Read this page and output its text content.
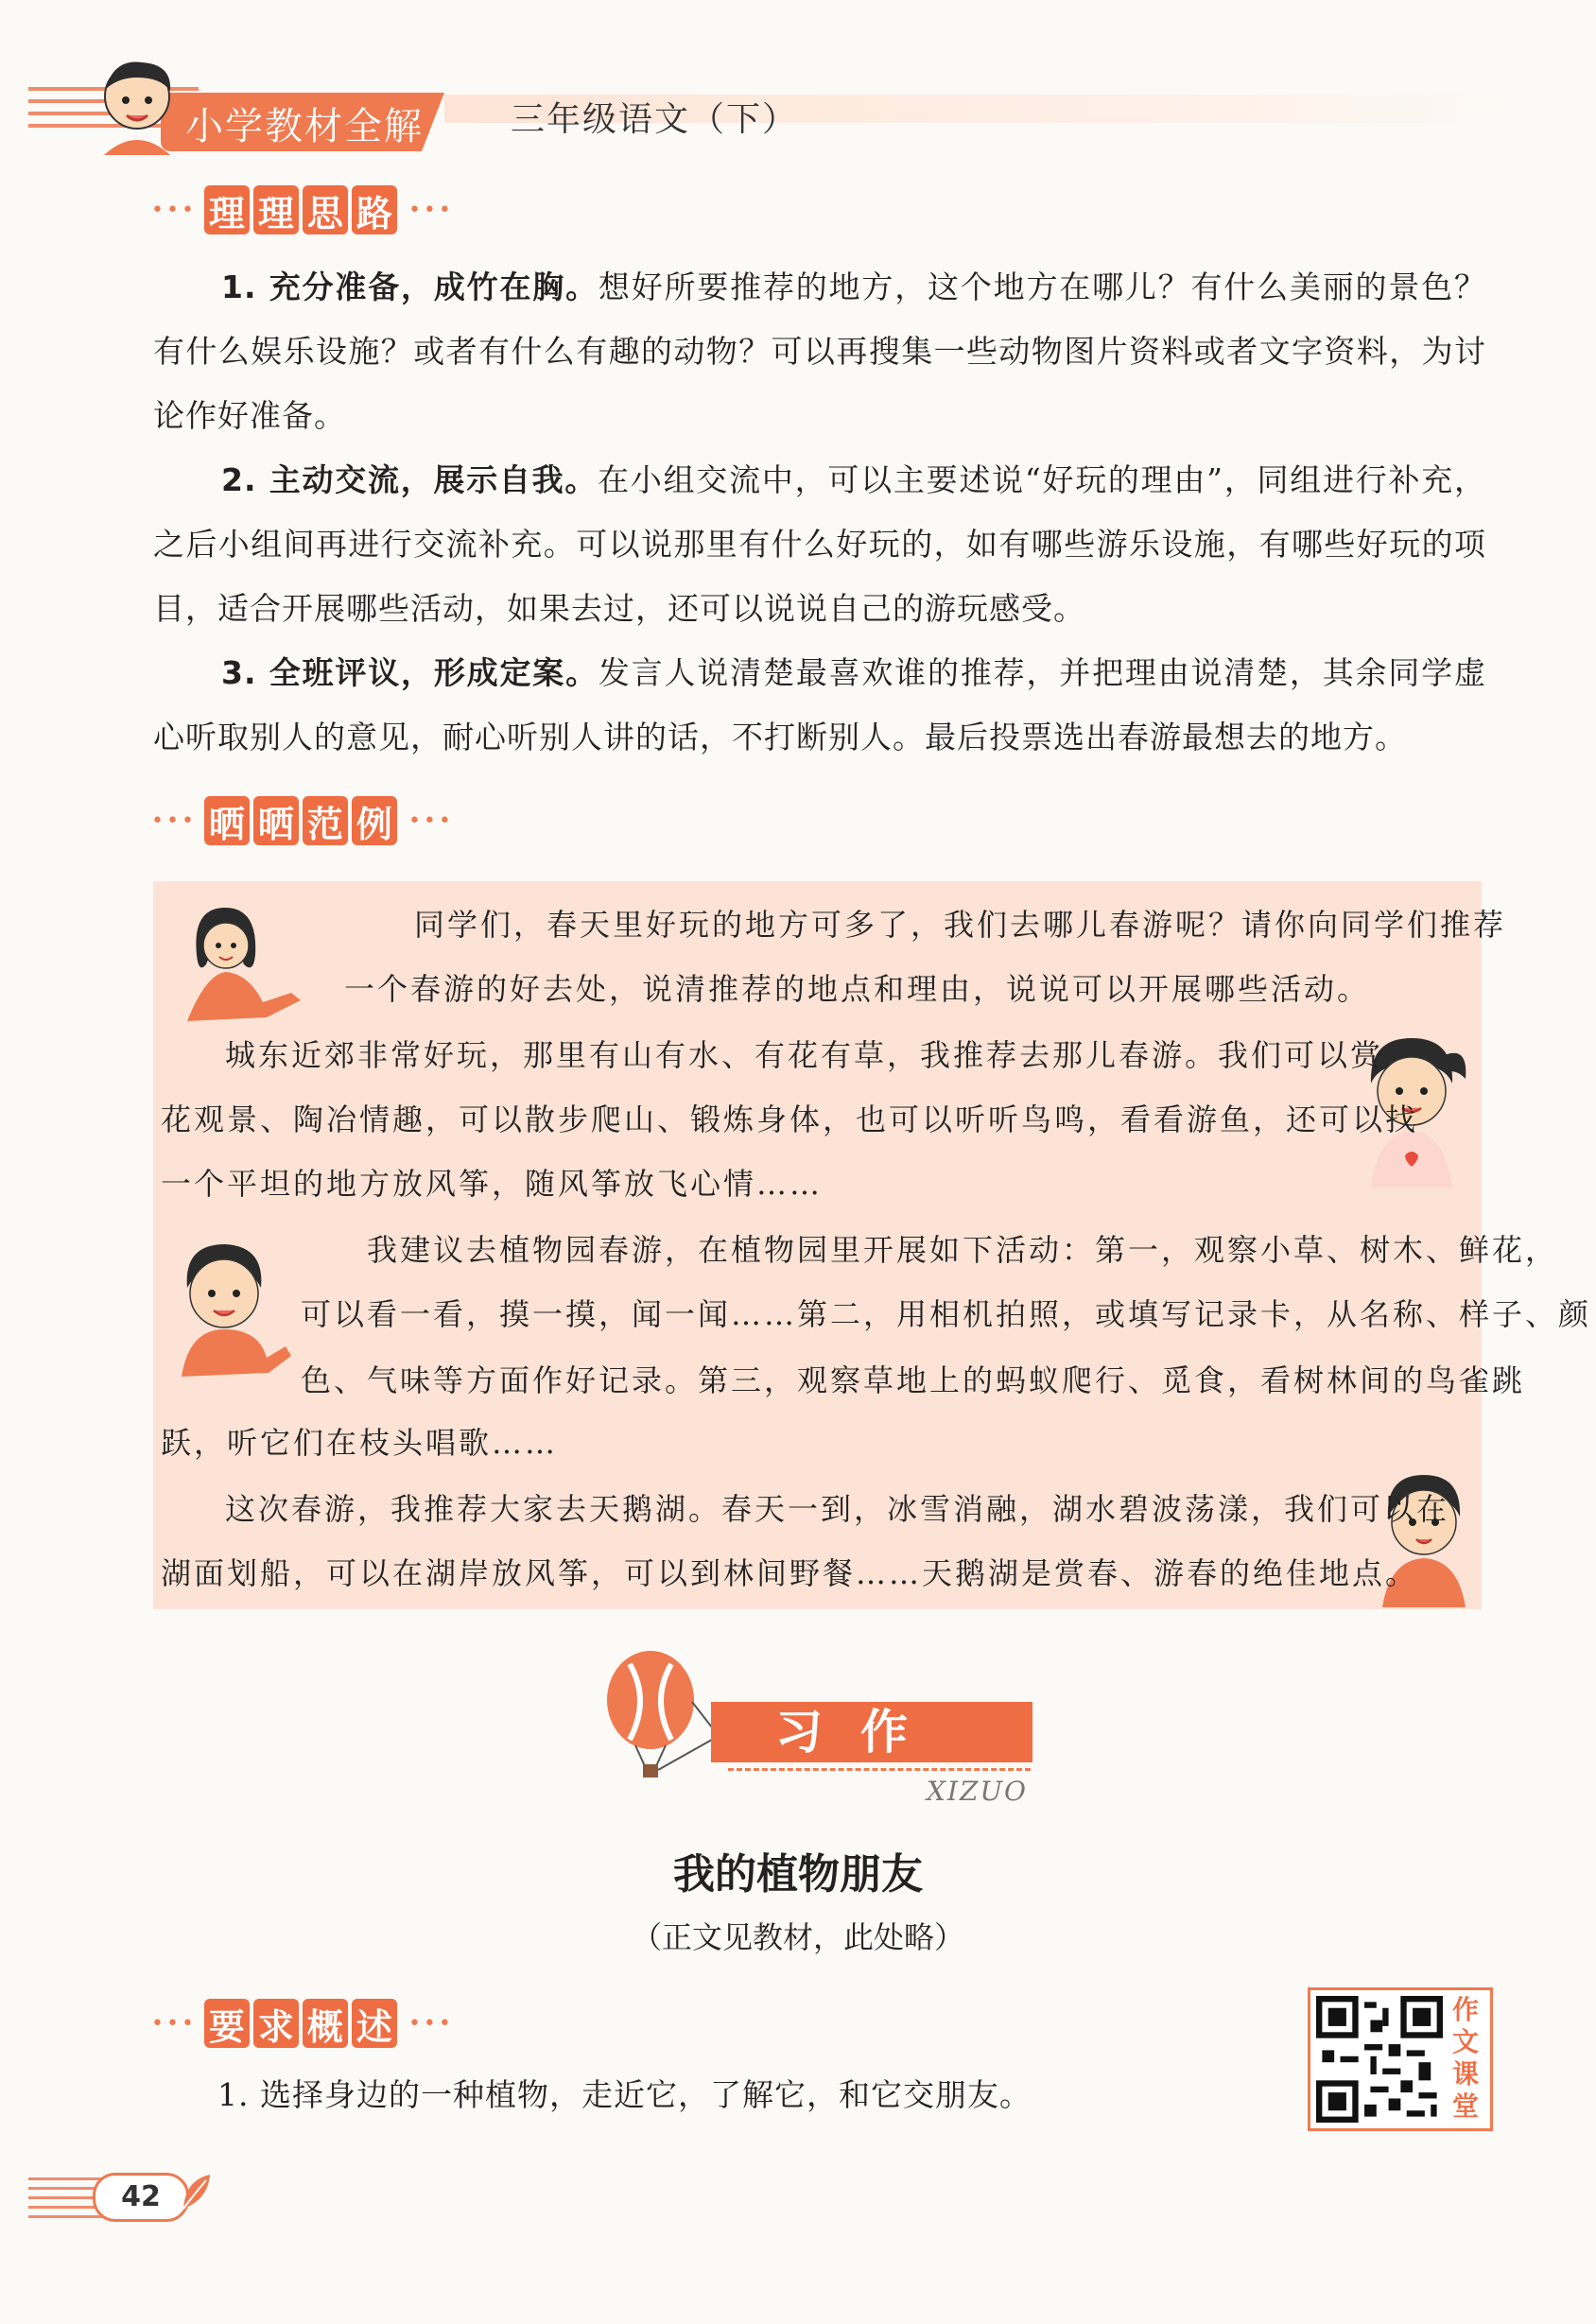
小学教材全解	三年级语文（下）
••• 理 理 思 路 •••
1. 充分准备，成竹在胸。想好所要推荐的地方，这个地方在哪儿？有什么美丽的景色？有什么娱乐设施？或者有什么有趣的动物？可以再搜集一些动物图片资料或者文字资料，为讨论作好准备。
2. 主动交流，展示自我。在小组交流中，可以主要述说“好玩的理由”，同组进行补充，之后小组间再进行交流补充。可以说那里有什么好玩的，如有哪些游乐设施，有哪些好玩的项目，适合开展哪些活动，如果去过，还可以说说自己的游玩感受。
3. 全班评议，形成定案。发言人说清楚最喜欢谁的推荐，并把理由说清楚，其余同学虚心听取别人的意见，耐心听别人讲的话，不打断别人。最后投票选出春游最想去的地方。
••• 晒 晒 范 例 •••
同学们，春天里好玩的地方可多了，我们去哪儿春游呢？请你向同学们推荐
一个春游的好去处，说清推荐的地点和理由，说说可以开展哪些活动。
城东近郊非常好玩，那里有山有水、有花有草，我推荐去那儿春游。我们可以赏
花观景、陶冶情趣，可以散步爬山、锻炼身体，也可以听听鸟鸣，看看游鱼，还可以找
一个平坦的地方放风筝，随风筝放飞心情……
我建议去植物园春游，在植物园里开展如下活动：第一，观察小草、树木、鲜花，
可以看一看，摸一摸，闻一闻……第二，用相机拍照，或填写记录卡，从名称、样子、颜
色、气味等方面作好记录。第三，观察草地上的蚂蚁爬行、觅食，看树林间的鸟雀跳
跃，听它们在枝头唱歌……
这次春游，我推荐大家去天鹅湖。春天一到，冰雪消融，湖水碧波荡漾，我们可以在
湖面划船，可以在湖岸放风筝，可以到林间野餐……天鹅湖是赏春、游春的绝佳地点。
习作
XIZUO
我的植物朋友
（正文见教材，此处略）
••• 要 求 概 述 •••
1. 选择身边的一种植物，走近它，了解它，和它交朋友。
作
文
课
堂
42
